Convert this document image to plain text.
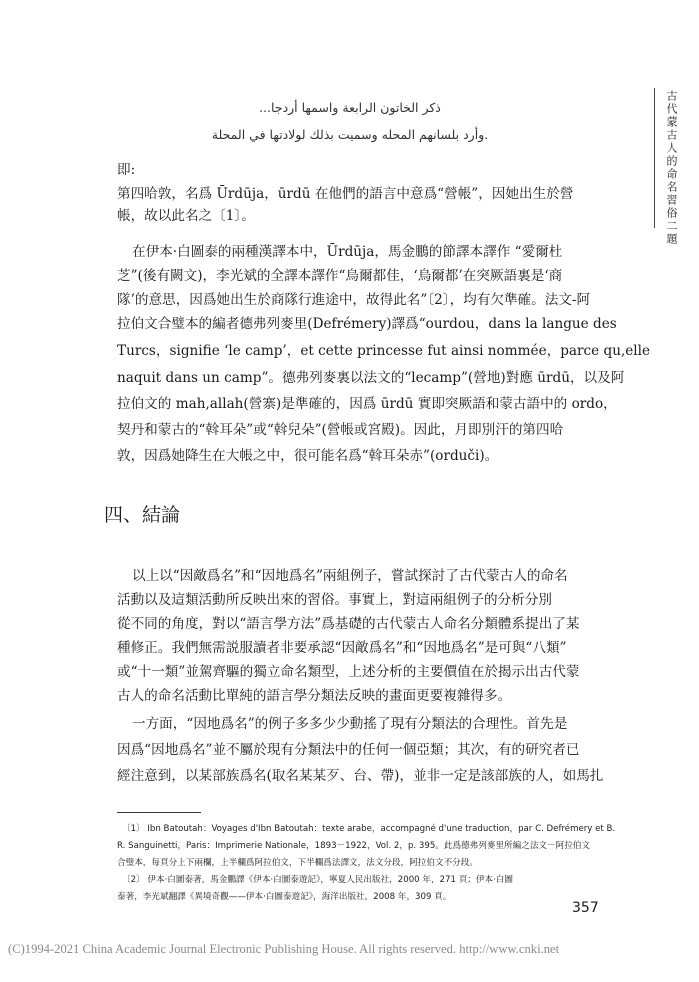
ذكر الخاتون الرابعة واسمها أردجا...
.وأرد بلسانهم المحله وسميت بذلك لولادتها في المحلة	古代蒙古人的命名習俗二題
即:
第四哈敦，名爲 Ūrdūja，ūrdū 在他們的語言中意爲“營帳”，因她出生於營
帳，故以此名之〔1〕。
在伊本·白圖泰的兩種漢譯本中，Ūrdūja，馬金鵬的節譯本譯作 “愛爾杜
芝”(後有闕文)，李光斌的全譯本譯作“烏爾都佳，‘烏爾都’在突厥語裏是‘商
隊’的意思，因爲她出生於商隊行進途中，故得此名”〔2〕，均有欠準確。法文-阿
拉伯文合璧本的編者德弗列麥里(Defrémery)譯爲“ourdou，dans la langue des
Turcs，signifie ‘le camp’，et cette princesse fut ainsi nommée，parce qu,elle
naquit dans un camp”。德弗列麥裏以法文的“lecamp”(營地)對應 ūrdū，以及阿
拉伯文的 mah,allah(營寨)是準確的，因爲 ūrdū 實即突厥語和蒙古語中的 ordo，
契丹和蒙古的“斡耳朵”或“斡兒朵”(營帳或宮殿)。因此，月即別汗的第四哈
敦，因爲她降生在大帳之中，很可能名爲“斡耳朵赤”(orduči)。
四、結論
以上以“因敵爲名”和“因地爲名”兩組例子，嘗試探討了古代蒙古人的命名
活動以及這類活動所反映出來的習俗。事實上，對這兩組例子的分析分別
從不同的角度，對以“語言學方法”爲基礎的古代蒙古人命名分類體系提出了某
種修正。我們無需説服讀者非要承認“因敵爲名”和“因地爲名”是可與“八類”
或“十一類”並駕齊驅的獨立命名類型，上述分析的主要價值在於揭示出古代蒙
古人的命名活動比單純的語言學分類法反映的畫面更要複雜得多。
一方面，“因地爲名”的例子多多少少動搖了現有分類法的合理性。首先是
因爲“因地爲名”並不屬於現有分類法中的任何一個亞類；其次，有的研究者已
經注意到，以某部族爲名(取名某某歹、台、帶)，並非一定是該部族的人，如馬扎
〔1〕 Ibn Batoutah：Voyages d'Ibn Batoutah：texte arabe，accompagné d'une traduction，par C. Defrémery et B.
R. Sanguinetti，Paris：Imprimerie Nationale，1893－1922，Vol. 2，p. 395。此爲德弗列麥里所編之法文－阿拉伯文
合璧本，每頁分上下兩欄，上半欄爲阿拉伯文，下半欄爲法譯文，法文分段，阿拉伯文不分段。
〔2〕 伊本·白圖泰著，馬金鵬譯《伊本·白圖泰遊記》，寧夏人民出版社，2000 年，271 頁；伊本·白圖
泰著，李光斌翻譯《異境奇觀——伊本·白圖泰遊記》，海洋出版社，2008 年，309 頁。
357
(C)1994-2021 China Academic Journal Electronic Publishing House. All rights reserved. http://www.cnki.net
